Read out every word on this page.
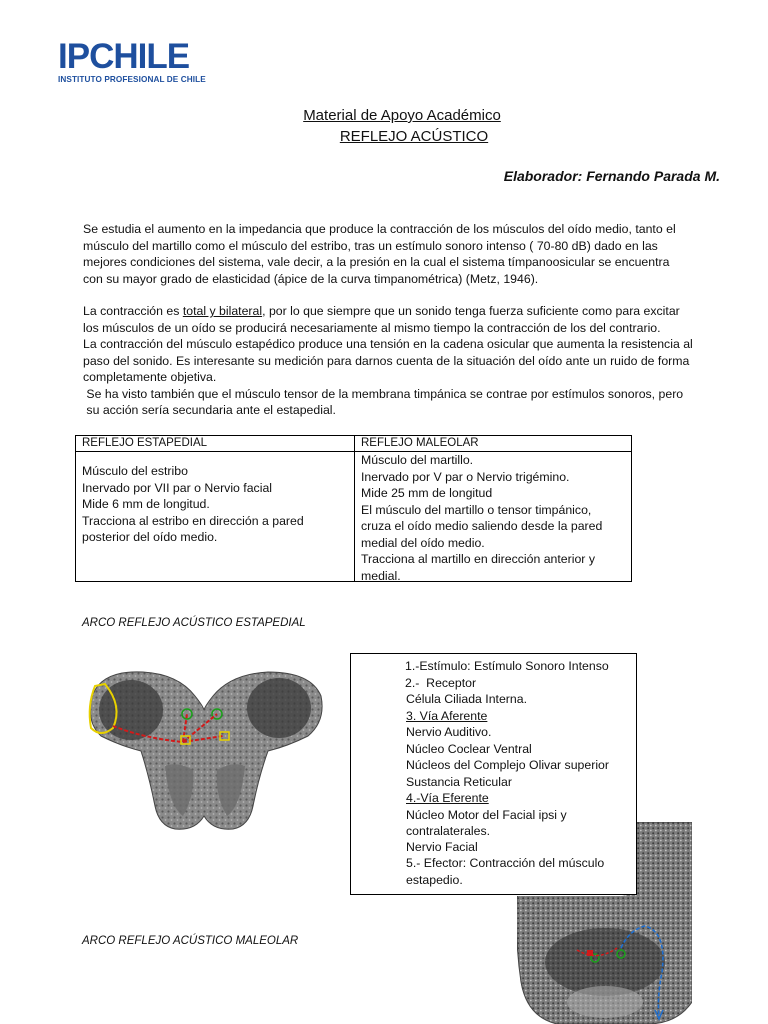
IPCHILE
INSTITUTO PROFESIONAL DE CHILE
Material de Apoyo Académico
REFLEJO ACÚSTICO
Elaborador: Fernando Parada M.
Se estudia el aumento en la impedancia que produce la contracción de los músculos del oído medio, tanto el
músculo del martillo como el músculo del estribo, tras un estímulo sonoro intenso ( 70-80 dB) dado en las
mejores condiciones del sistema, vale decir, a la presión en la cual el sistema tímpanoosicular se encuentra
con su mayor grado de elasticidad (ápice de la curva timpanométrica) (Metz, 1946).
La contracción es total y bilateral, por lo que siempre que un sonido tenga fuerza suficiente como para excitar
los músculos de un oído se producirá necesariamente al mismo tiempo la contracción de los del contrario.
La contracción del músculo estapédico produce una tensión en la cadena osicular que aumenta la resistencia al
paso del sonido. Es interesante su medición para darnos cuenta de la situación del oído ante un ruido de forma
completamente objetiva.
Se ha visto también que el músculo tensor de la membrana timpánica se contrae por estímulos sonoros, pero
su acción sería secundaria ante el estapedial.
REFLEJO ESTAPEDIAL	REFLEJO MALEOLAR
Músculo del estribo
Inervado por VII par o Nervio facial
Mide 6 mm de longitud.
Tracciona al estribo en dirección a pared
posterior del oído medio.
Músculo del martillo.
Inervado por V par o Nervio trigémino.
Mide 25 mm de longitud
El músculo del martillo o tensor timpánico,
cruza el oído medio saliendo desde la pared
medial del oído medio.
Tracciona al martillo en dirección anterior y
medial.
ARCO REFLEJO ACÚSTICO ESTAPEDIAL
ARCO REFLEJO ACÚSTICO MALEOLAR
1.-Estímulo: Estímulo Sonoro Intenso
2.-  Receptor
Célula Ciliada Interna.
3. Vía Aferente
Nervio Auditivo.
Núcleo Coclear Ventral
Núcleos del Complejo Olivar superior
Sustancia Reticular
4.-Vía Eferente
Núcleo Motor del Facial ipsi y
contralaterales.
Nervio Facial
5.- Efector: Contracción del músculo
estapedio.
